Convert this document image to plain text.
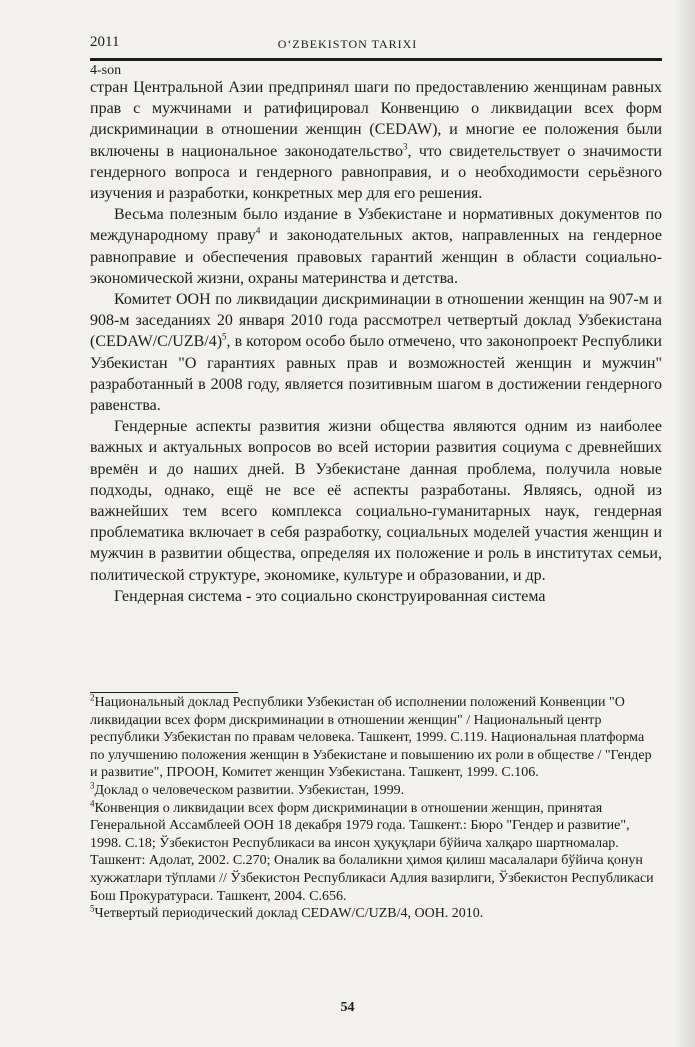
2011	O‘ZBEKISTON TARIXI
4-son

стран Центральной Азии предпринял шаги по предоставлению женщинам равных прав с мужчинами и ратифицировал Конвенцию о ликвидации всех форм дискриминации в отношении женщин (CEDAW), и многие ее положения были включены в национальное законодательство$^3$, что свидетельствует о значимости гендерного вопроса и гендерного равноправия, и о необходимости серьёзного изучения и разработки, конкретных мер для его решения.

Весьма полезным было издание в Узбекистане и нормативных документов по международному праву$^4$ и законодательных актов, направленных на гендерное равноправие и обеспечения правовых гарантий женщин в области социально-экономической жизни, охраны материнства и детства.

Комитет ООН по ликвидации дискриминации в отношении женщин на 907-м и 908-м заседаниях 20 января 2010 года рассмотрел четвертый доклад Узбекистана (CEDAW/C/UZB/4)$^5$, в котором особо было отмечено, что законопроект Республики Узбекистан "О гарантиях равных прав и возможностей женщин и мужчин" разработанный в 2008 году, является позитивным шагом в достижении гендерного равенства.

Гендерные аспекты развития жизни общества являются одним из наиболее важных и актуальных вопросов во всей истории развития социума с древнейших времён и до наших дней. В Узбекистане данная проблема, получила новые подходы, однако, ещё не все её аспекты разработаны. Являясь, одной из важнейших тем всего комплекса социально-гуманитарных наук, гендерная проблематика включает в себя разработку, социальных моделей участия женщин и мужчин в развитии общества, определяя их положение и роль в институтах семьи, политической структуре, экономике, культуре и образовании, и др.

Гендерная система - это социально сконструированная система

$^2$Национальный доклад Республики Узбекистан об исполнении положений Конвенции "О ликвидации всех форм дискриминации в отношении женщин" / Национальный центр республики Узбекистан по правам человека. Ташкент, 1999. С.119. Национальная платформа по улучшению положения женщин в Узбекистане и повышению их роли в обществе / "Гендер и развитие", ПРООН, Комитет женщин Узбекистана. Ташкент, 1999. С.106.

$^3$Доклад о человеческом развитии. Узбекистан, 1999.

$^4$Конвенция о ликвидации всех форм дискриминации в отношении женщин, принятая Генеральной Ассамблеей ООН 18 декабря 1979 года. Ташкент.: Бюро "Гендер и развитие", 1998. С.18; Ўзбекистон Республикаси ва инсон ҳуқуқлари бўйича халқаро шартномалар. Ташкент: Адолат, 2002. С.270; Оналик ва болаликни ҳимоя қилиш масалалари бўйича қонун хужжатлари тўплами // Ўзбекистон Республикаси Адлия вазирлиги, Ўзбекистон Республикаси Бош Прокуратураси. Ташкент, 2004. С.656.

$^5$Четвертый периодический доклад CEDAW/C/UZB/4, ООН. 2010.

54
